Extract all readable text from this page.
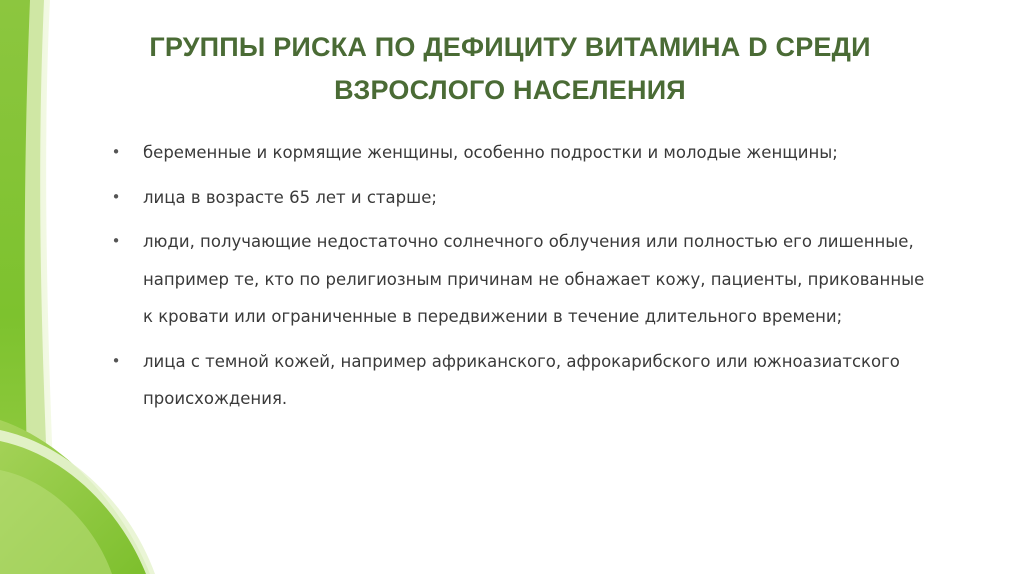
ГРУППЫ РИСКА ПО ДЕФИЦИТУ ВИТАМИНА D СРЕДИ
ВЗРОСЛОГО НАСЕЛЕНИЯ
• беременные и кормящие женщины, особенно подростки и молодые женщины;
• лица в возрасте 65 лет и старше;
• люди, получающие недостаточно солнечного облучения или полностью его лишенные,
например те, кто по религиозным причинам не обнажает кожу, пациенты, прикованные
к кровати или ограниченные в передвижении в течение длительного времени;
• лица с темной кожей, например африканского, афрокарибского или южноазиатского
происхождения.
